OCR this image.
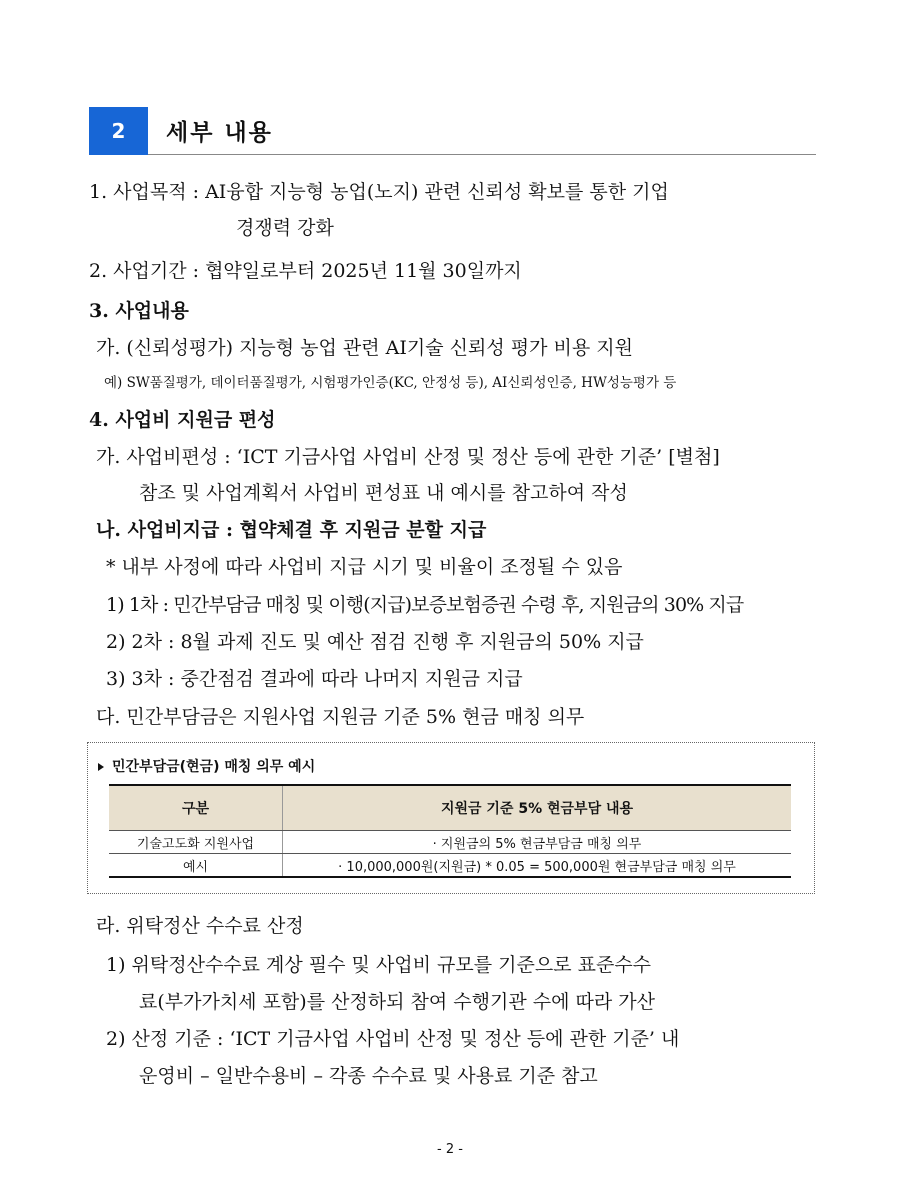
2	세부 내용
1. 사업목적 : AI융합 지능형 농업(노지) 관련 신뢰성 확보를 통한 기업
경쟁력 강화
2. 사업기간 : 협약일로부터 2025년 11월 30일까지
3. 사업내용
가. (신뢰성평가) 지능형 농업 관련 AI기술 신뢰성 평가 비용 지원
예) SW품질평가, 데이터품질평가, 시험평가인증(KC, 안정성 등), AI신뢰성인증, HW성능평가 등
4. 사업비 지원금 편성
가. 사업비편성 : ‘ICT 기금사업 사업비 산정 및 정산 등에 관한 기준’ [별첨]
참조 및 사업계획서 사업비 편성표 내 예시를 참고하여 작성
나. 사업비지급 : 협약체결 후 지원금 분할 지급
* 내부 사정에 따라 사업비 지급 시기 및 비율이 조정될 수 있음
1) 1차 : 민간부담금 매칭 및 이행(지급)보증보험증권 수령 후, 지원금의 30% 지급
2) 2차 : 8월 과제 진도 및 예산 점검 진행 후 지원금의 50% 지급
3) 3차 : 중간점검 결과에 따라 나머지 지원금 지급
다. 민간부담금은 지원사업 지원금 기준 5% 현금 매칭 의무
민간부담금(현금) 매칭 의무 예시
구분	지원금 기준 5% 현금부담 내용
기술고도화 지원사업	· 지원금의 5% 현금부담금 매칭 의무
예시	· 10,000,000원(지원금) * 0.05 = 500,000원 현금부담금 매칭 의무
라. 위탁정산 수수료 산정
1) 위탁정산수수료 계상 필수 및 사업비 규모를 기준으로 표준수수
료(부가가치세 포함)를 산정하되 참여 수행기관 수에 따라 가산
2) 산정 기준 : ‘ICT 기금사업 사업비 산정 및 정산 등에 관한 기준’ 내
운영비 – 일반수용비 – 각종 수수료 및 사용료 기준 참고
- 2 -
